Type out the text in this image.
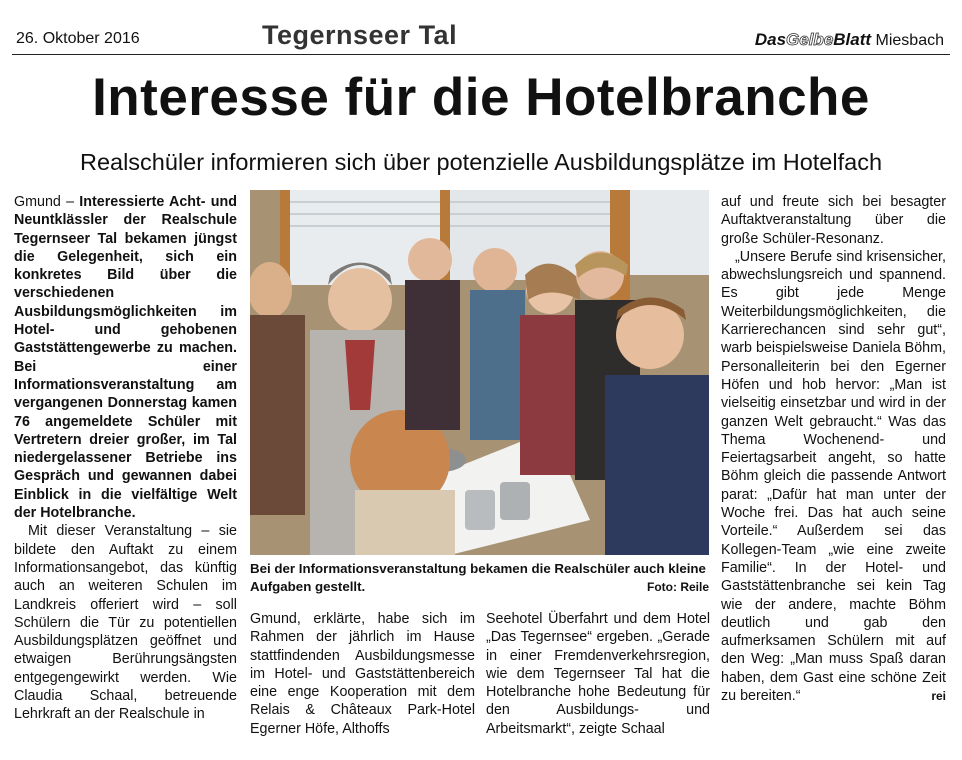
26. Oktober 2016	Tegernseer Tal	DasGelbeBlatt Miesbach
Interesse für die Hotelbranche
Realschüler informieren sich über potenzielle Ausbildungsplätze im Hotelfach

Gmund – Interessierte Acht- und Neuntklässler der Realschule Tegernseer Tal bekamen jüngst die Gelegenheit, sich ein konkretes Bild über die verschiedenen Ausbildungsmöglichkeiten im Hotel- und gehobenen Gaststättengewerbe zu machen. Bei einer Informationsveranstaltung am vergangenen Donnerstag kamen 76 angemeldete Schüler mit Vertretern dreier großer, im Tal niedergelassener Betriebe ins Gespräch und gewannen dabei Einblick in die vielfältige Welt der Hotelbranche.

Mit dieser Veranstaltung – sie bildete den Auftakt zu einem Informationsangebot, das künftig auch an weiteren Schulen im Landkreis offeriert wird – soll Schülern die Tür zu potentiellen Ausbildungsplätzen geöffnet und etwaigen Berührungsängsten entgegengewirkt werden. Wie Claudia Schaal, betreuende Lehrkraft an der Realschule in

Bei der Informationsveranstaltung bekamen die Realschüler auch kleine Aufgaben gestellt.	Foto: Reile

Gmund, erklärte, habe sich im Rahmen der jährlich im Hause stattfindenden Ausbildungsmesse im Hotel- und Gaststättenbereich eine enge Kooperation mit dem Relais & Châteaux Park-Hotel Egerner Höfe, Althoffs

Seehotel Überfahrt und dem Hotel „Das Tegernsee“ ergeben. „Gerade in einer Fremdenverkehrsregion, wie dem Tegernseer Tal hat die Hotelbranche hohe Bedeutung für den Ausbildungs- und Arbeitsmarkt“, zeigte Schaal

auf und freute sich bei besagter Auftaktveranstaltung über die große Schüler-Resonanz.

„Unsere Berufe sind krisensicher, abwechslungsreich und spannend. Es gibt jede Menge Weiterbildungsmöglichkeiten, die Karrierechancen sind sehr gut“, warb beispielsweise Daniela Böhm, Personalleiterin bei den Egerner Höfen und hob hervor: „Man ist vielseitig einsetzbar und wird in der ganzen Welt gebraucht.“ Was das Thema Wochenend- und Feiertagsarbeit angeht, so hatte Böhm gleich die passende Antwort parat: „Dafür hat man unter der Woche frei. Das hat auch seine Vorteile.“ Außerdem sei das Kollegen-Team „wie eine zweite Familie“. In der Hotel- und Gaststättenbranche sei kein Tag wie der andere, machte Böhm deutlich und gab den aufmerksamen Schülern mit auf den Weg: „Man muss Spaß daran haben, dem Gast eine schöne Zeit zu bereiten.“	rei
